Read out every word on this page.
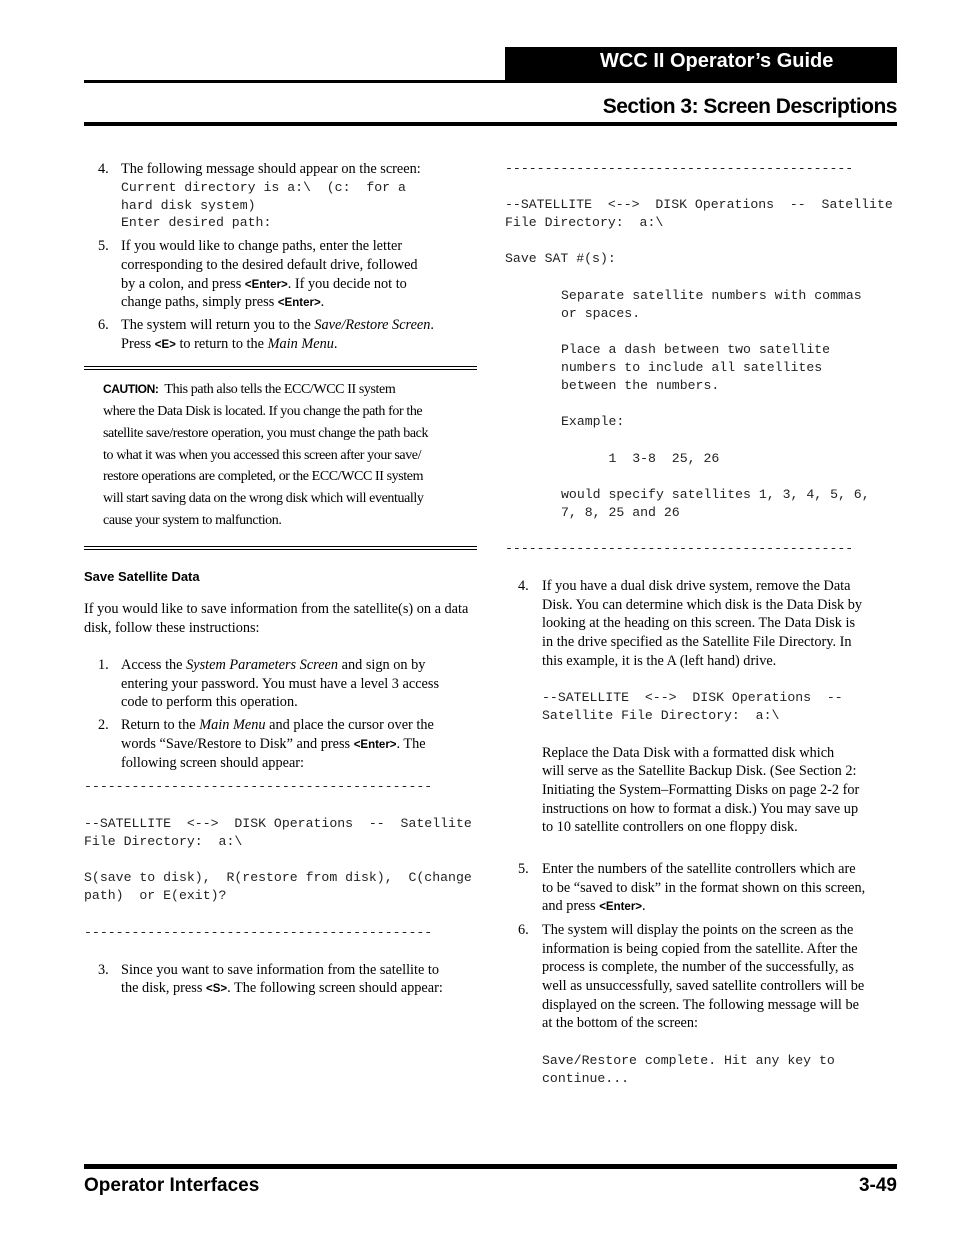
WCC II Operator’s Guide
Section 3: Screen Descriptions
4. The following message should appear on the screen:
Current directory is a:\  (c:  for a
hard disk system)
Enter desired path:
5. If you would like to change paths, enter the letter
corresponding to the desired default drive, followed
by a colon, and press <Enter>. If you decide not to
change paths, simply press <Enter>.
6. The system will return you to the Save/Restore Screen.
Press <E> to return to the Main Menu.
CAUTION: This path also tells the ECC/WCC II system
where the Data Disk is located. If you change the path for the
satellite save/restore operation, you must change the path back
to what it was when you accessed this screen after your save/
restore operations are completed, or the ECC/WCC II system
will start saving data on the wrong disk which will eventually
cause your system to malfunction.
Save Satellite Data
If you would like to save information from the satellite(s) on a data
disk, follow these instructions:
1. Access the System Parameters Screen and sign on by
entering your password. You must have a level 3 access
code to perform this operation.
2. Return to the Main Menu and place the cursor over the
words “Save/Restore to Disk” and press <Enter>. The
following screen should appear:
--------------------------------------------
--SATELLITE  <-->  DISK Operations  --  Satellite
File Directory:  a:\
S(save to disk),  R(restore from disk),  C(change
path)  or E(exit)?
--------------------------------------------
3. Since you want to save information from the satellite to
the disk, press <S>. The following screen should appear:
--------------------------------------------
--SATELLITE  <-->  DISK Operations  --  Satellite
File Directory:  a:\
Save SAT #(s):
Separate satellite numbers with commas
or spaces.
Place a dash between two satellite
numbers to include all satellites
between the numbers.
Example:
1  3-8  25, 26
would specify satellites 1, 3, 4, 5, 6,
7, 8, 25 and 26
--------------------------------------------
4. If you have a dual disk drive system, remove the Data
Disk. You can determine which disk is the Data Disk by
looking at the heading on this screen. The Data Disk is
in the drive specified as the Satellite File Directory. In
this example, it is the A (left hand) drive.
--SATELLITE  <-->  DISK Operations  --
Satellite File Directory:  a:\
Replace the Data Disk with a formatted disk which
will serve as the Satellite Backup Disk. (See Section 2:
Initiating the System–Formatting Disks on page 2-2 for
instructions on how to format a disk.) You may save up
to 10 satellite controllers on one floppy disk.
5. Enter the numbers of the satellite controllers which are
to be “saved to disk” in the format shown on this screen,
and press <Enter>.
6. The system will display the points on the screen as the
information is being copied from the satellite. After the
process is complete, the number of the successfully, as
well as unsuccessfully, saved satellite controllers will be
displayed on the screen. The following message will be
at the bottom of the screen:
Save/Restore complete. Hit any key to
continue...
Operator Interfaces	3-49
